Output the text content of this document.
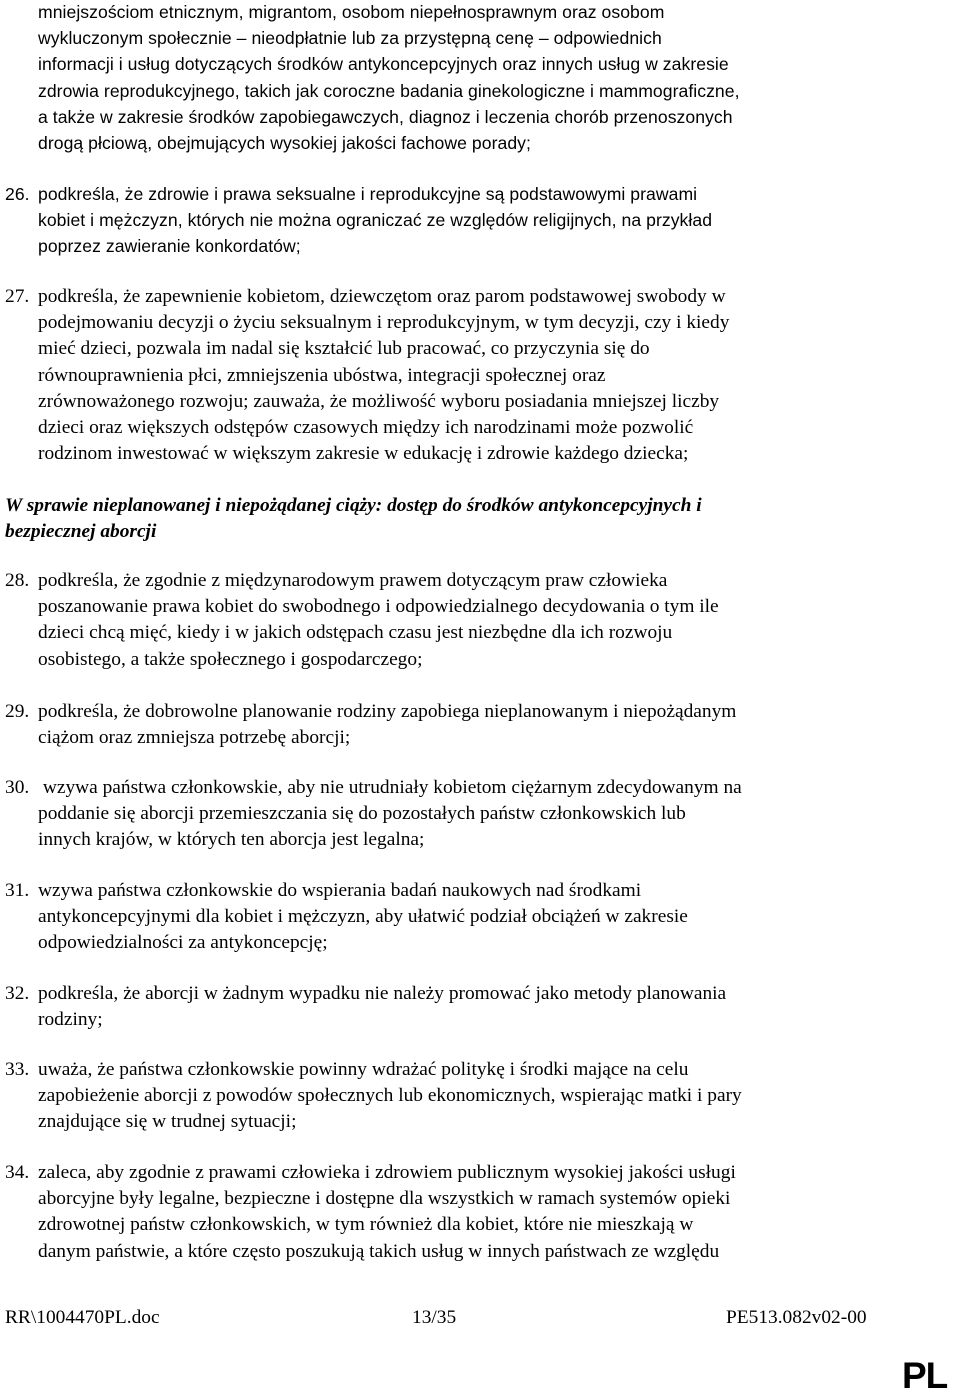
mniejszościom etnicznym, migrantom, osobom niepełnosprawnym oraz osobom
wykluczonym społecznie – nieodpłatnie lub za przystępną cenę – odpowiednich
informacji i usług dotyczących środków antykoncepcyjnych oraz innych usług w zakresie
zdrowia reprodukcyjnego, takich jak coroczne badania ginekologiczne i mammograficzne,
a także w zakresie środków zapobiegawczych, diagnoz i leczenia chorób przenoszonych
drogą płciową, obejmujących wysokiej jakości fachowe porady;
26. podkreśla, że zdrowie i prawa seksualne i reprodukcyjne są podstawowymi prawami
kobiet i mężczyzn, których nie można ograniczać ze względów religijnych, na przykład
poprzez zawieranie konkordatów;
27. podkreśla, że zapewnienie kobietom, dziewczętom oraz parom podstawowej swobody w
podejmowaniu decyzji o życiu seksualnym i reprodukcyjnym, w tym decyzji, czy i kiedy
mieć dzieci, pozwala im nadal się kształcić lub pracować, co przyczynia się do
równouprawnienia płci, zmniejszenia ubóstwa, integracji społecznej oraz
zrównoważonego rozwoju; zauważa, że możliwość wyboru posiadania mniejszej liczby
dzieci oraz większych odstępów czasowych między ich narodzinami może pozwolić
rodzinom inwestować w większym zakresie w edukację i zdrowie każdego dziecka;
W sprawie nieplanowanej i niepożądanej ciąży: dostęp do środków antykoncepcyjnych i
bezpiecznej aborcji
28. podkreśla, że zgodnie z międzynarodowym prawem dotyczącym praw człowieka
poszanowanie prawa kobiet do swobodnego i odpowiedzialnego decydowania o tym ile
dzieci chcą mięć, kiedy i w jakich odstępach czasu jest niezbędne dla ich rozwoju
osobistego, a także społecznego i gospodarczego;
29. podkreśla, że dobrowolne planowanie rodziny zapobiega nieplanowanym i niepożądanym
ciążom oraz zmniejsza potrzebę aborcji;
30. wzywa państwa członkowskie, aby nie utrudniały kobietom ciężarnym zdecydowanym na
poddanie się aborcji przemieszczania się do pozostałych państw członkowskich lub
innych krajów, w których ten aborcja jest legalna;
31. wzywa państwa członkowskie do wspierania badań naukowych nad środkami
antykoncepcyjnymi dla kobiet i mężczyzn, aby ułatwić podział obciążeń w zakresie
odpowiedzialności za antykoncepcję;
32. podkreśla, że aborcji w żadnym wypadku nie należy promować jako metody planowania
rodziny;
33. uważa, że państwa członkowskie powinny wdrażać politykę i środki mające na celu
zapobieżenie aborcji z powodów społecznych lub ekonomicznych, wspierając matki i pary
znajdujące się w trudnej sytuacji;
34. zaleca, aby zgodnie z prawami człowieka i zdrowiem publicznym wysokiej jakości usługi
aborcyjne były legalne, bezpieczne i dostępne dla wszystkich w ramach systemów opieki
zdrowotnej państw członkowskich, w tym również dla kobiet, które nie mieszkają w
danym państwie, a które często poszukują takich usług w innych państwach ze względu
RR\1004470PL.doc	13/35	PE513.082v02-00
PL
